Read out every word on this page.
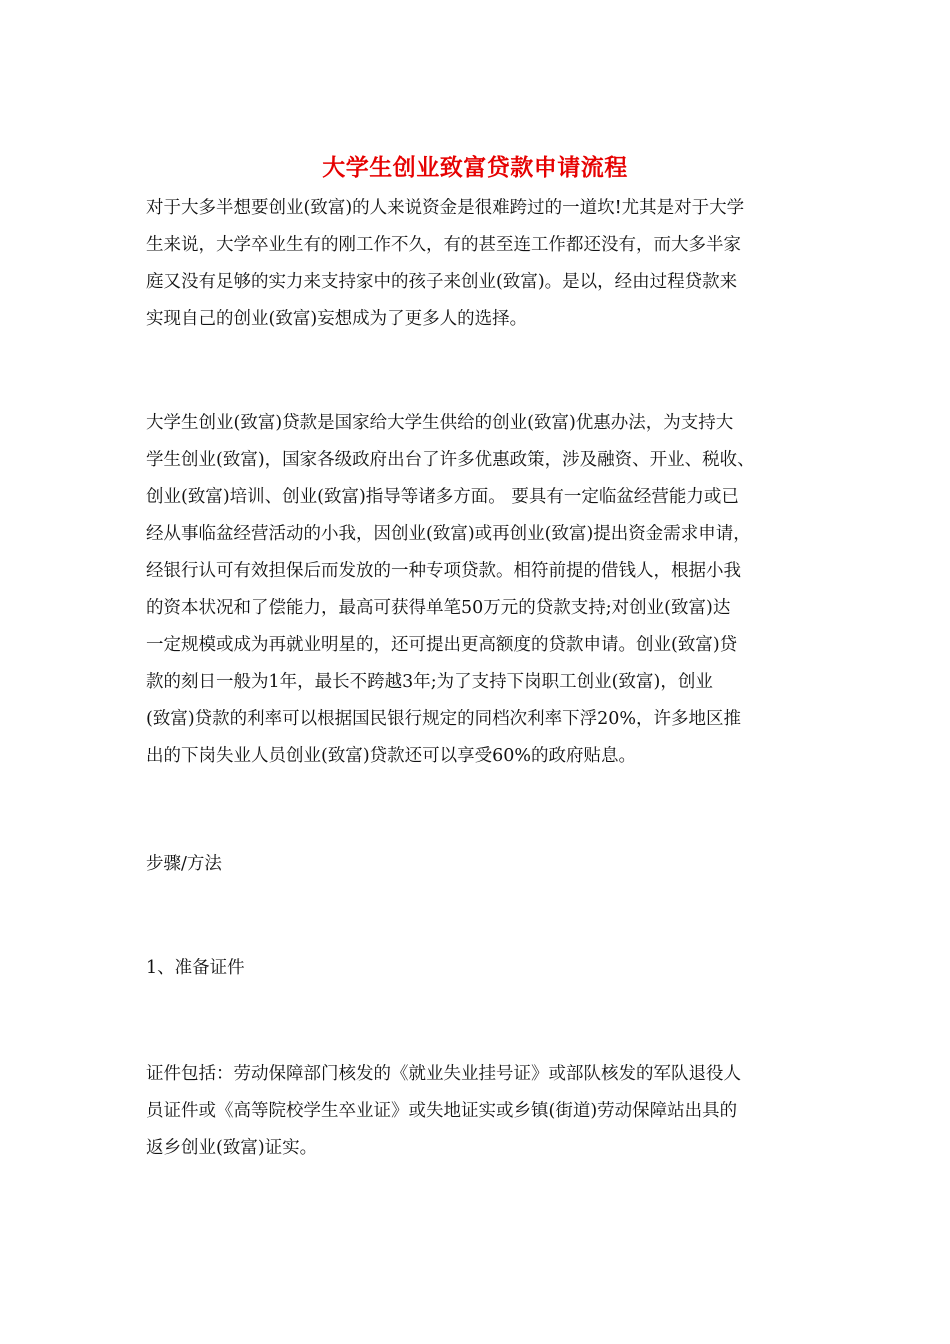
大学生创业致富贷款申请流程
对于大多半想要创业(致富)的人来说资金是很难跨过的一道坎!尤其是对于大学
生来说，大学卒业生有的刚工作不久，有的甚至连工作都还没有，而大多半家
庭又没有足够的实力来支持家中的孩子来创业(致富)。是以，经由过程贷款来
实现自己的创业(致富)妄想成为了更多人的选择。
大学生创业(致富)贷款是国家给大学生供给的创业(致富)优惠办法，为支持大
学生创业(致富)，国家各级政府出台了许多优惠政策，涉及融资、开业、税收、
创业(致富)培训、创业(致富)指导等诸多方面。 要具有一定临盆经营能力或已
经从事临盆经营活动的小我，因创业(致富)或再创业(致富)提出资金需求申请，
经银行认可有效担保后而发放的一种专项贷款。相符前提的借钱人，根据小我
的资本状况和了偿能力，最高可获得单笔50万元的贷款支持;对创业(致富)达
一定规模或成为再就业明星的，还可提出更高额度的贷款申请。创业(致富)贷
款的刻日一般为1年，最长不跨越3年;为了支持下岗职工创业(致富)，创业
(致富)贷款的利率可以根据国民银行规定的同档次利率下浮20%，许多地区推
出的下岗失业人员创业(致富)贷款还可以享受60%的政府贴息。
步骤/方法
1、准备证件
证件包括：劳动保障部门核发的《就业失业挂号证》或部队核发的军队退役人
员证件或《高等院校学生卒业证》或失地证实或乡镇(街道)劳动保障站出具的
返乡创业(致富)证实。
